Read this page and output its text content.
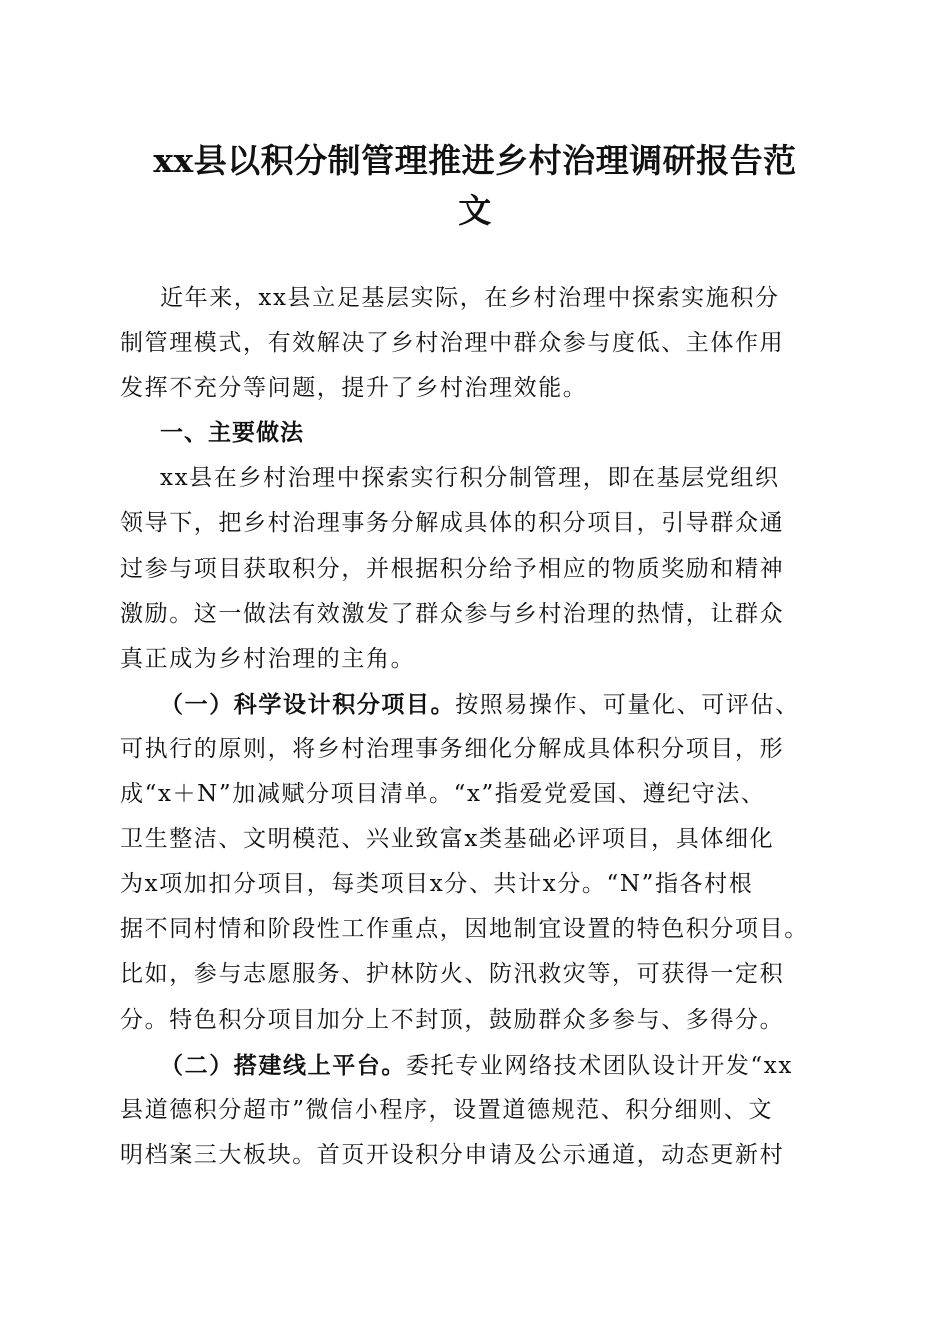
xx县以积分制管理推进乡村治理调研报告范
文
近年来，xx县立足基层实际，在乡村治理中探索实施积分
制管理模式，有效解决了乡村治理中群众参与度低、主体作用
发挥不充分等问题，提升了乡村治理效能。
一、主要做法
xx县在乡村治理中探索实行积分制管理，即在基层党组织
领导下，把乡村治理事务分解成具体的积分项目，引导群众通
过参与项目获取积分，并根据积分给予相应的物质奖励和精神
激励。这一做法有效激发了群众参与乡村治理的热情，让群众
真正成为乡村治理的主角。
（一）科学设计积分项目。按照易操作、可量化、可评估、
可执行的原则，将乡村治理事务细化分解成具体积分项目，形
成“x＋N”加减赋分项目清单。“x”指爱党爱国、遵纪守法、
卫生整洁、文明模范、兴业致富x类基础必评项目，具体细化
为x项加扣分项目，每类项目x分、共计x分。“N”指各村根
据不同村情和阶段性工作重点，因地制宜设置的特色积分项目。
比如，参与志愿服务、护林防火、防汛救灾等，可获得一定积
分。特色积分项目加分上不封顶，鼓励群众多参与、多得分。
（二）搭建线上平台。委托专业网络技术团队设计开发“xx
县道德积分超市”微信小程序，设置道德规范、积分细则、文
明档案三大板块。首页开设积分申请及公示通道，动态更新村
